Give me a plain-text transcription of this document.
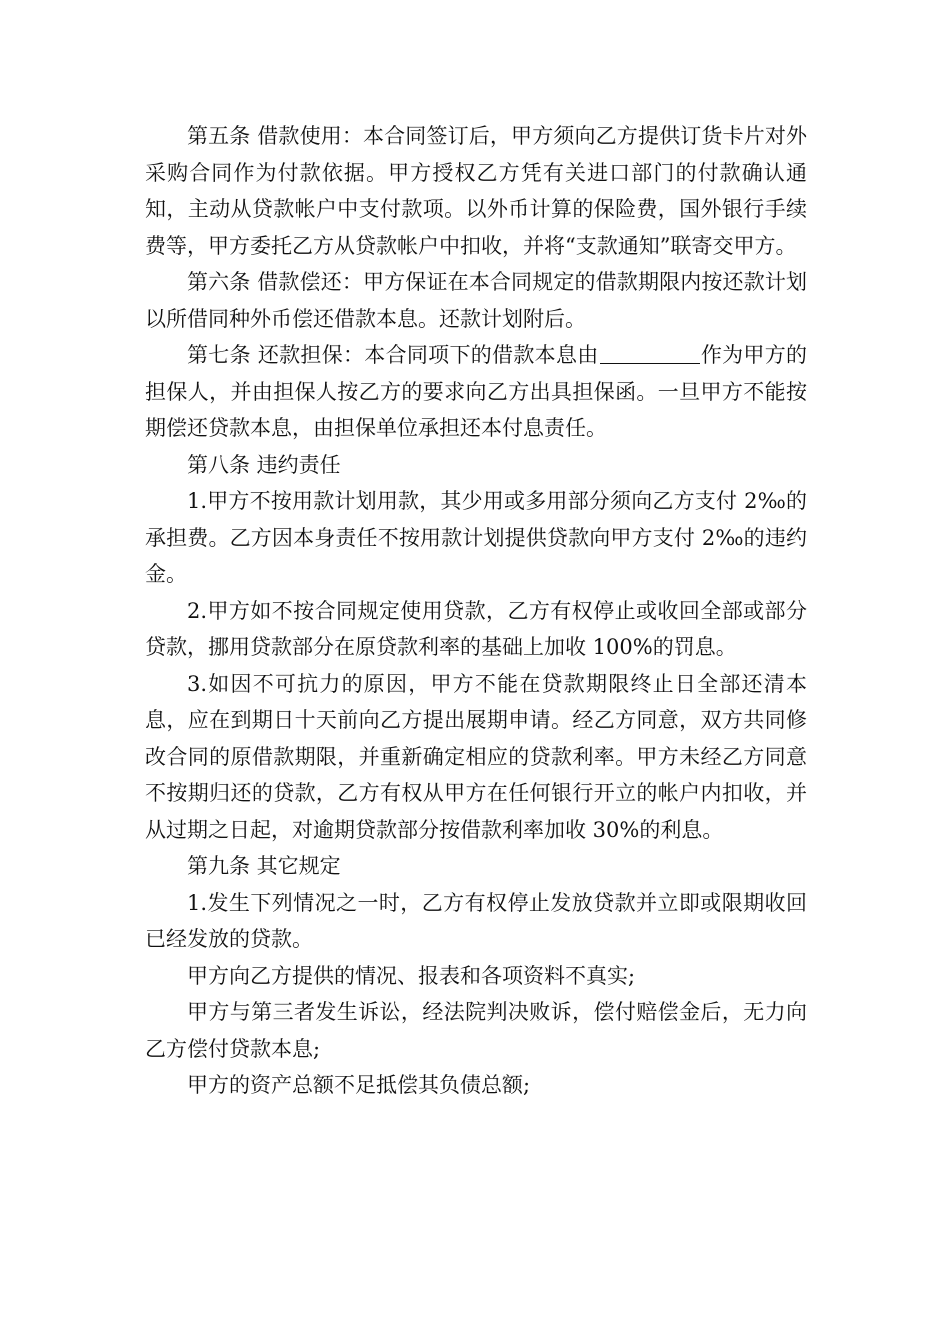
第五条 借款使用：本合同签订后，甲方须向乙方提供订货卡片对外采购合同作为付款依据。甲方授权乙方凭有关进口部门的付款确认通知，主动从贷款帐户中支付款项。以外币计算的保险费，国外银行手续费等，甲方委托乙方从贷款帐户中扣收，并将“支款通知”联寄交甲方。

第六条 借款偿还：甲方保证在本合同规定的借款期限内按还款计划以所借同种外币偿还借款本息。还款计划附后。

第七条 还款担保：本合同项下的借款本息由	作为甲方的担保人，并由担保人按乙方的要求向乙方出具担保函。一旦甲方不能按期偿还贷款本息，由担保单位承担还本付息责任。

第八条 违约责任

1.甲方不按用款计划用款，其少用或多用部分须向乙方支付 2‰的承担费。乙方因本身责任不按用款计划提供贷款向甲方支付 2‰的违约金。

2.甲方如不按合同规定使用贷款，乙方有权停止或收回全部或部分贷款，挪用贷款部分在原贷款利率的基础上加收 100%的罚息。

3.如因不可抗力的原因，甲方不能在贷款期限终止日全部还清本息，应在到期日十天前向乙方提出展期申请。经乙方同意，双方共同修改合同的原借款期限，并重新确定相应的贷款利率。甲方未经乙方同意不按期归还的贷款，乙方有权从甲方在任何银行开立的帐户内扣收，并从过期之日起，对逾期贷款部分按借款利率加收 30%的利息。

第九条 其它规定

1.发生下列情况之一时，乙方有权停止发放贷款并立即或限期收回已经发放的贷款。

甲方向乙方提供的情况、报表和各项资料不真实;

甲方与第三者发生诉讼，经法院判决败诉，偿付赔偿金后，无力向乙方偿付贷款本息;

甲方的资产总额不足抵偿其负债总额;
